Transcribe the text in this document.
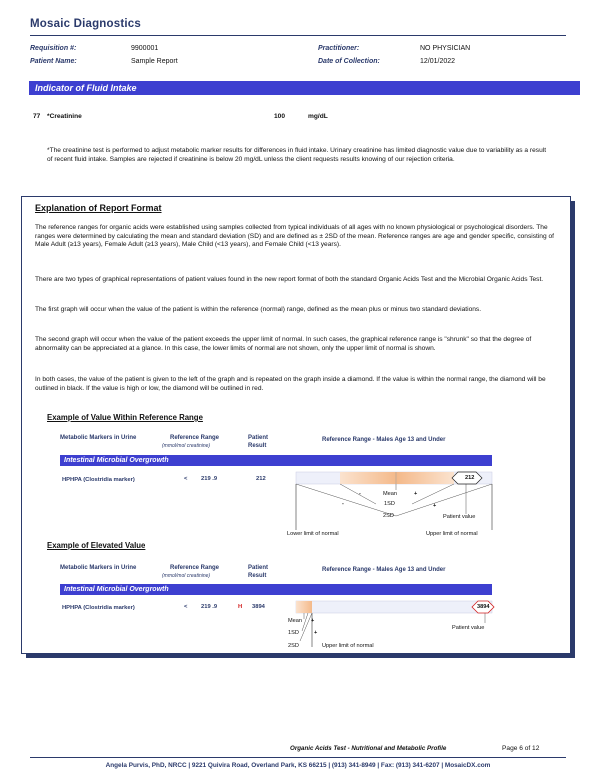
Mosaic Diagnostics
Requisition #:	9900001
Patient Name:	Sample Report
Practitioner:	NO PHYSICIAN
Date of Collection:	12/01/2022
Indicator of Fluid Intake
77 *Creatinine	100	mg/dL
*The creatinine test is performed to adjust metabolic marker results for differences in fluid intake. Urinary creatinine has limited diagnostic value due to variability as a result of recent fluid intake. Samples are rejected if creatinine is below 20 mg/dL unless the client requests results knowing of our rejection criteria.
Explanation of Report Format
The reference ranges for organic acids were established using samples collected from typical individuals of all ages with no known physiological or psychological disorders. The ranges were determined by calculating the mean and standard deviation (SD) and are defined as ± 2SD of the mean. Reference ranges are age and gender specific, consisting of Male Adult (≥13 years), Female Adult (≥13 years), Male Child (<13 years), and Female Child (<13 years).
There are two types of graphical representations of patient values found in the new report format of both the standard Organic Acids Test and the Microbial Organic Acids Test.
The first graph will occur when the value of the patient is within the reference (normal) range, defined as the mean plus or minus two standard deviations.
The second graph will occur when the value of the patient exceeds the upper limit of normal. In such cases, the graphical reference range is "shrunk" so that the degree of abnormality can be appreciated at a glance. In this case, the lower limits of normal are not shown, only the upper limit of normal is shown.
In both cases, the value of the patient is given to the left of the graph and is repeated on the graph inside a diamond. If the value is within the normal range, the diamond will be outlined in black. If the value is high or low, the diamond will be outlined in red.
Example of Value Within Reference Range
Metabolic Markers in Urine	Reference Range
(mmol/mol creatinine)
Patient
Result
Reference Range - Males Age 13 and Under
Intestinal Microbial Overgrowth
HPHPA (Clostridia marker)	< 219 .9	212	212
Mean
1SD
2SD
-
-
+
+
Patient value
Lower limit of normal	Upper limit of normal
Example of Elevated Value
Metabolic Markers in Urine	Reference Range
(mmol/mol creatinine)
Patient
Result
Reference Range - Males Age 13 and Under
Intestinal Microbial Overgrowth
HPHPA (Clostridia marker)	< 219 .9	H 3894	3894
Mean
1SD
2SD
+
+
Patient value
Upper limit of normal
Organic Acids Test - Nutritional and Metabolic Profile	Page 6 of 12
Angela Purvis, PhD, NRCC | 9221 Quivira Road, Overland Park, KS 66215 | (913) 341-8949 | Fax: (913) 341-6207 | MosaicDX.com
